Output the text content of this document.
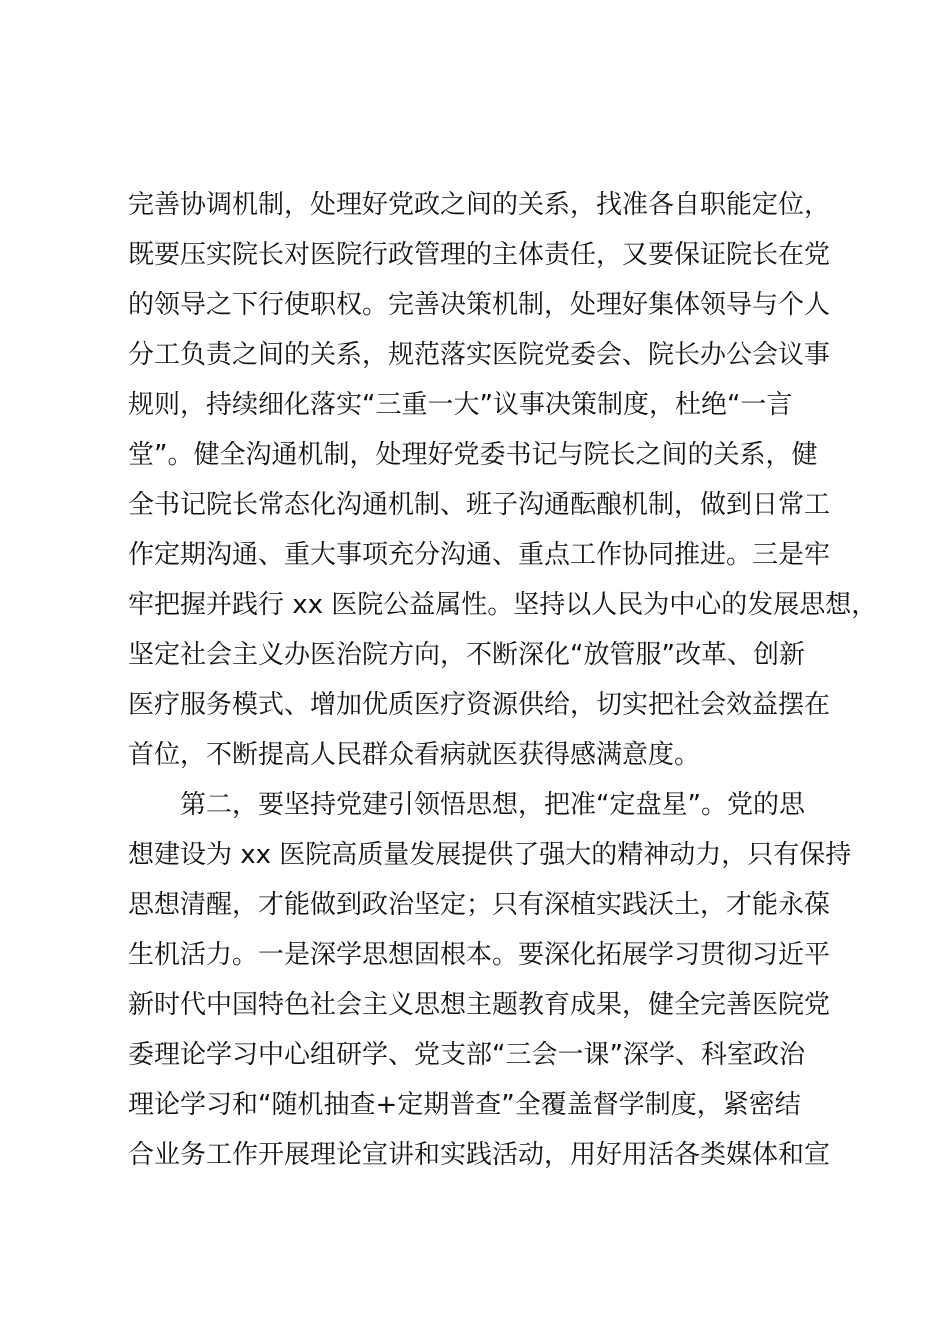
完善协调机制，处理好党政之间的关系，找准各自职能定位，
既要压实院长对医院行政管理的主体责任，又要保证院长在党
的领导之下行使职权。完善决策机制，处理好集体领导与个人
分工负责之间的关系，规范落实医院党委会、院长办公会议事
规则，持续细化落实“三重一大”议事决策制度，杜绝“一言
堂”。健全沟通机制，处理好党委书记与院长之间的关系，健
全书记院长常态化沟通机制、班子沟通酝酿机制，做到日常工
作定期沟通、重大事项充分沟通、重点工作协同推进。三是牢
牢把握并践行 xx 医院公益属性。坚持以人民为中心的发展思想，
坚定社会主义办医治院方向，不断深化“放管服”改革、创新
医疗服务模式、增加优质医疗资源供给，切实把社会效益摆在
首位，不断提高人民群众看病就医获得感满意度。
第二，要坚持党建引领悟思想，把准“定盘星”。党的思
想建设为 xx 医院高质量发展提供了强大的精神动力，只有保持
思想清醒，才能做到政治坚定；只有深植实践沃土，才能永葆
生机活力。一是深学思想固根本。要深化拓展学习贯彻习近平
新时代中国特色社会主义思想主题教育成果，健全完善医院党
委理论学习中心组研学、党支部“三会一课”深学、科室政治
理论学习和“随机抽查+定期普查”全覆盖督学制度，紧密结
合业务工作开展理论宣讲和实践活动，用好用活各类媒体和宣
